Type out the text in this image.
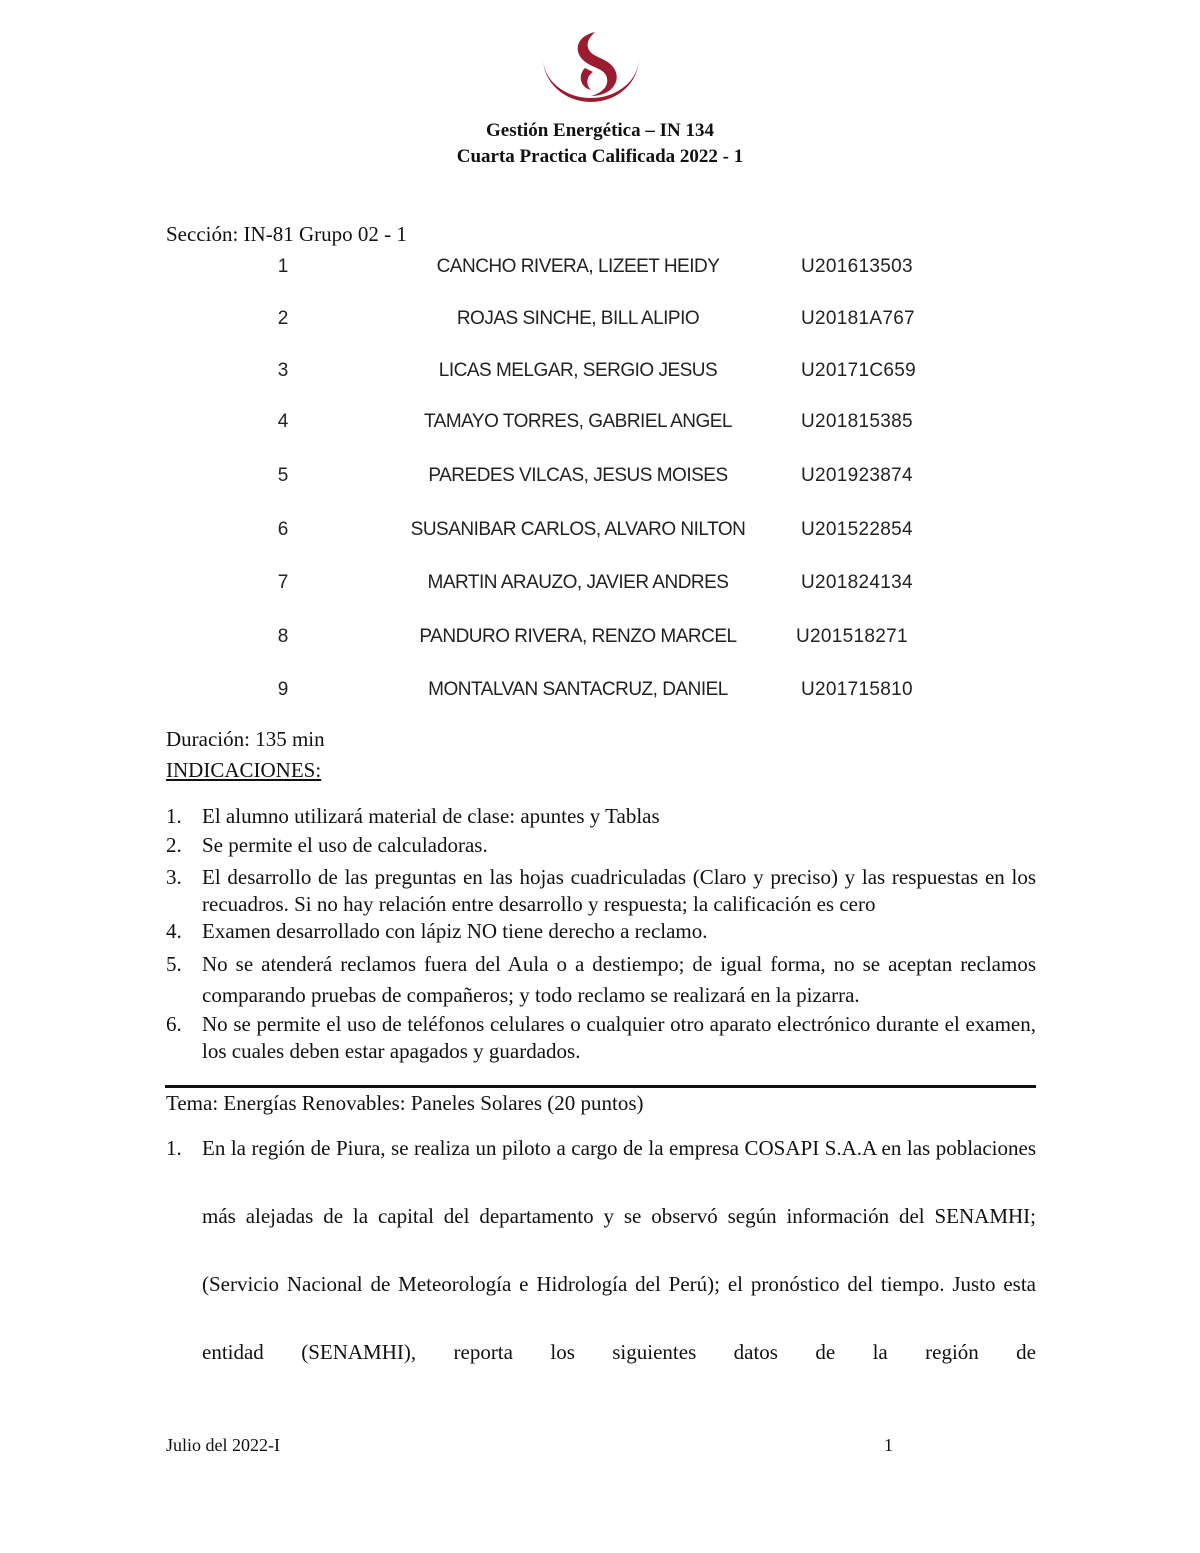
Gestión Energética – IN 134
Cuarta Practica Calificada 2022 - 1
Sección: IN-81 Grupo 02 - 1
1	CANCHO RIVERA, LIZEET HEIDY	U201613503
2	ROJAS SINCHE, BILL ALIPIO	U20181A767
3	LICAS MELGAR, SERGIO JESUS	U20171C659
4	TAMAYO TORRES, GABRIEL ANGEL	U201815385
5	PAREDES VILCAS, JESUS MOISES	U201923874
6	SUSANIBAR CARLOS, ALVARO NILTON	U201522854
7	MARTIN ARAUZO, JAVIER ANDRES	U201824134
8	PANDURO RIVERA, RENZO MARCEL	U201518271
9	MONTALVAN SANTACRUZ, DANIEL	U201715810
Duración: 135 min
INDICACIONES:
1. El alumno utilizará material de clase: apuntes y Tablas
2. Se permite el uso de calculadoras.
3. El desarrollo de las preguntas en las hojas cuadriculadas (Claro y preciso) y las respuestas en los recuadros. Si no hay relación entre desarrollo y respuesta; la calificación es cero
4. Examen desarrollado con lápiz NO tiene derecho a reclamo.
5. No se atenderá reclamos fuera del Aula o a destiempo; de igual forma, no se aceptan reclamos comparando pruebas de compañeros; y todo reclamo se realizará en la pizarra.
6. No se permite el uso de teléfonos celulares o cualquier otro aparato electrónico durante el examen, los cuales deben estar apagados y guardados.
Tema: Energías Renovables: Paneles Solares (20 puntos)
1. En la región de Piura, se realiza un piloto a cargo de la empresa COSAPI S.A.A en las poblaciones más alejadas de la capital del departamento y se observó según información del SENAMHI; (Servicio Nacional de Meteorología e Hidrología del Perú); el pronóstico del tiempo. Justo esta entidad (SENAMHI), reporta los siguientes datos de la región de
Julio del 2022-I	1
